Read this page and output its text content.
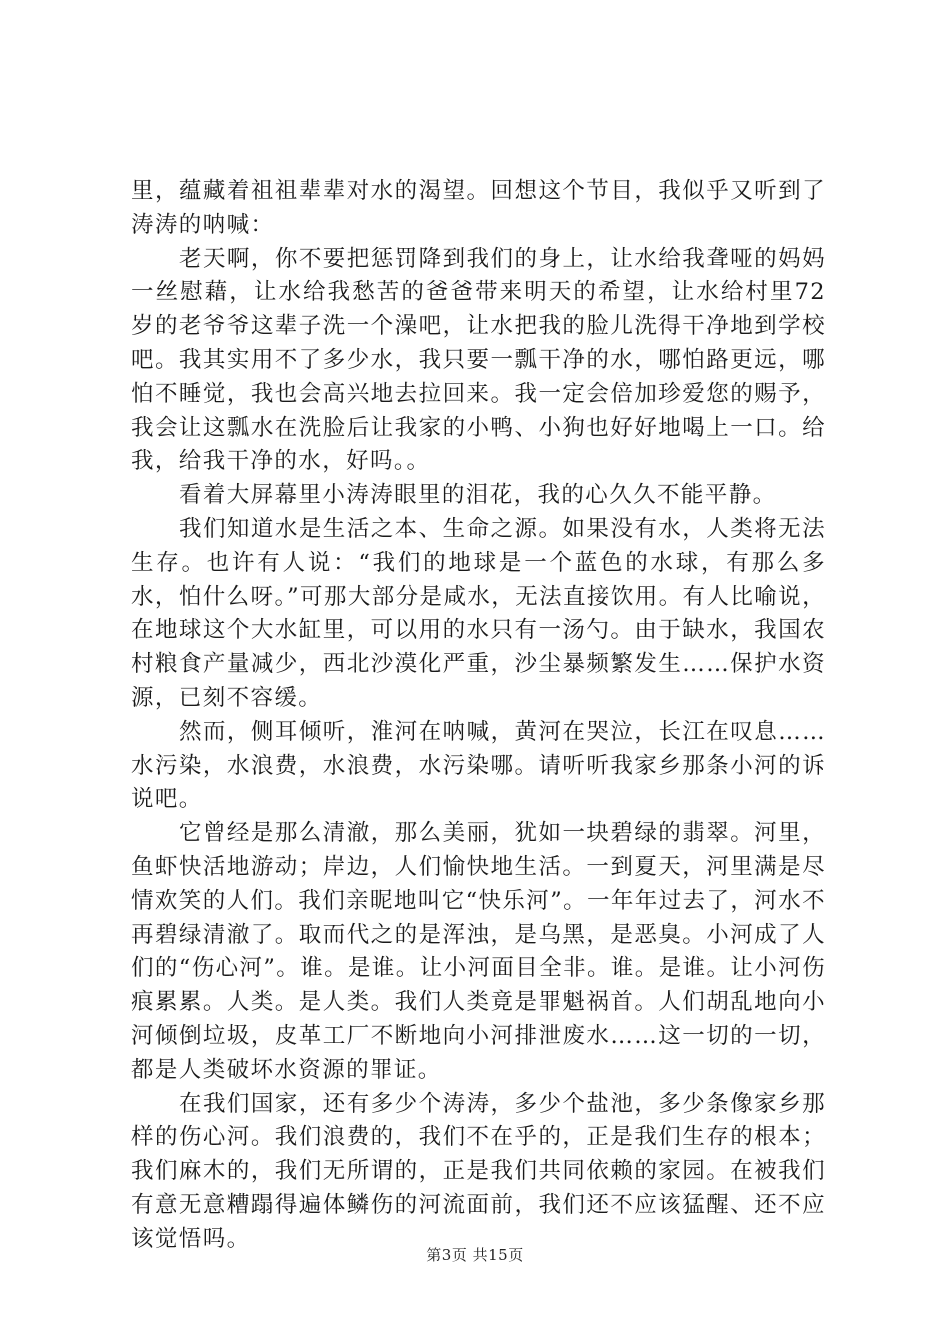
里，蕴藏着祖祖辈辈对水的渴望。回想这个节目，我似乎又听到了涛涛的呐喊：

老天啊，你不要把惩罚降到我们的身上，让水给我聋哑的妈妈一丝慰藉，让水给我愁苦的爸爸带来明天的希望，让水给村里72岁的老爷爷这辈子洗一个澡吧，让水把我的脸儿洗得干净地到学校吧。我其实用不了多少水，我只要一瓢干净的水，哪怕路更远，哪怕不睡觉，我也会高兴地去拉回来。我一定会倍加珍爱您的赐予，我会让这瓢水在洗脸后让我家的小鸭、小狗也好好地喝上一口。给我，给我干净的水，好吗。。

看着大屏幕里小涛涛眼里的泪花，我的心久久不能平静。

我们知道水是生活之本、生命之源。如果没有水，人类将无法生存。也许有人说：“我们的地球是一个蓝色的水球，有那么多水，怕什么呀。”可那大部分是咸水，无法直接饮用。有人比喻说，在地球这个大水缸里，可以用的水只有一汤勺。由于缺水，我国农村粮食产量减少，西北沙漠化严重，沙尘暴频繁发生……保护水资源，已刻不容缓。

然而，侧耳倾听，淮河在呐喊，黄河在哭泣，长江在叹息……水污染，水浪费，水浪费，水污染哪。请听听我家乡那条小河的诉说吧。

它曾经是那么清澈，那么美丽，犹如一块碧绿的翡翠。河里，鱼虾快活地游动；岸边，人们愉快地生活。一到夏天，河里满是尽情欢笑的人们。我们亲昵地叫它“快乐河”。一年年过去了，河水不再碧绿清澈了。取而代之的是浑浊，是乌黑，是恶臭。小河成了人们的“伤心河”。谁。是谁。让小河面目全非。谁。是谁。让小河伤痕累累。人类。是人类。我们人类竟是罪魁祸首。人们胡乱地向小河倾倒垃圾，皮革工厂不断地向小河排泄废水……这一切的一切，都是人类破坏水资源的罪证。

在我们国家，还有多少个涛涛，多少个盐池，多少条像家乡那样的伤心河。我们浪费的，我们不在乎的，正是我们生存的根本；我们麻木的，我们无所谓的，正是我们共同依赖的家园。在被我们有意无意糟蹋得遍体鳞伤的河流面前，我们还不应该猛醒、还不应该觉悟吗。

第3页 共15页
